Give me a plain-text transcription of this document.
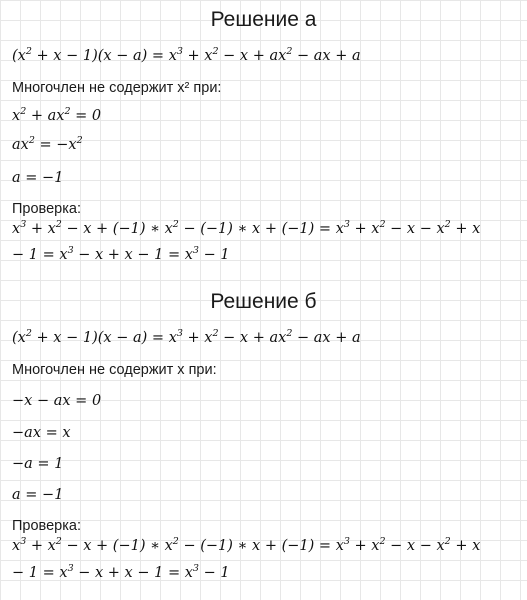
Решение а
$(x^2 + x - 1)(x - a) = x^3 + x^2 - x + ax^2$ − ax + a
Многочлен не содержит x² при:
$x^2 + ax^2 = 0$
$ax^2 = -x^2$
a = −1
Проверка:
$x^3 + x^2 - x + (-1)$ ∗ $x^2 - (-1)$ ∗ $x + (-1) = x^3 + x^2 - x - x^2 + x$
− $1 = x^3 - x + x - 1 = x^3 - 1$
Решение б
$(x^2 + x - 1)(x - a) = x^3 + x^2 - x + ax^2$ − ax + a
Многочлен не содержит x при:
−x − ax = 0
−ax = x
−a = 1
a = −1
Проверка:
$x^3 + x^2 - x + (-1)$ ∗ $x^2 - (-1)$ ∗ $x + (-1) = x^3 + x^2 - x - x^2 + x$
− $1 = x^3 - x + x - 1 = x^3 - 1$
